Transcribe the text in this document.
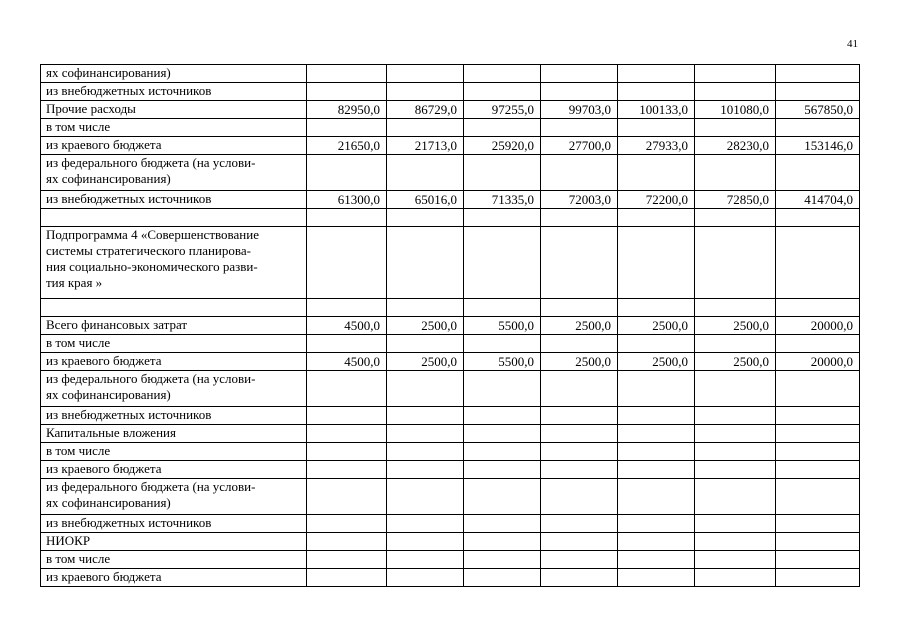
41
ях софинансирования)							
из внебюджетных источников							
Прочие расходы	82950,0	86729,0	97255,0	99703,0	100133,0	101080,0	567850,0
в том числе							
из краевого бюджета	21650,0	21713,0	25920,0	27700,0	27933,0	28230,0	153146,0
из федерального бюджета (на услови-
ях софинансирования)							
из внебюджетных источников	61300,0	65016,0	71335,0	72003,0	72200,0	72850,0	414704,0

Подпрограмма 4 «Совершенствование
системы стратегического планирова-
ния социально-экономического разви-
тия края »							

Всего финансовых затрат	4500,0	2500,0	5500,0	2500,0	2500,0	2500,0	20000,0
в том числе							
из краевого бюджета	4500,0	2500,0	5500,0	2500,0	2500,0	2500,0	20000,0
из федерального бюджета (на услови-
ях софинансирования)							
из внебюджетных источников							
Капитальные вложения							
в том числе							
из краевого бюджета							
из федерального бюджета (на услови-
ях софинансирования)							
из внебюджетных источников							
НИОКР							
в том числе							
из краевого бюджета							
